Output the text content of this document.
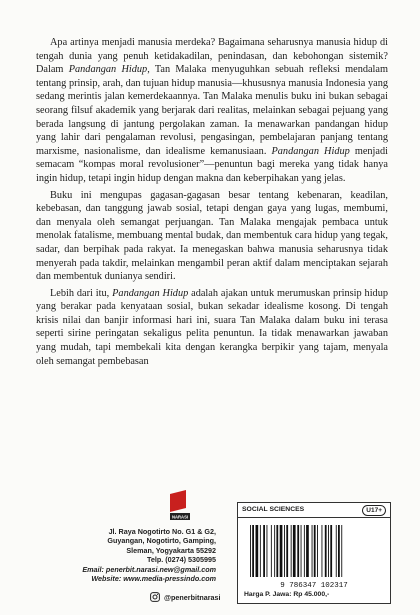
Apa artinya menjadi manusia merdeka? Bagaimana seharusnya manusia hidup di tengah dunia yang penuh ketidakadilan, penindasan, dan kebohongan sistemik? Dalam Pandangan Hidup, Tan Malaka menyuguhkan sebuah refleksi mendalam tentang prinsip, arah, dan tujuan hidup manusia—khususnya manusia Indonesia yang sedang merintis jalan kemerdekaannya. Tan Malaka menulis buku ini bukan sebagai seorang filsuf akademik yang berjarak dari realitas, melainkan sebagai pejuang yang berada langsung di jantung pergolakan zaman. Ia menawarkan pandangan hidup yang lahir dari pengalaman revolusi, pengasingan, pembelajaran panjang tentang marxisme, nasionalisme, dan idealisme kemanusiaan. Pandangan Hidup menjadi semacam “kompas moral revolusioner”—penuntun bagi mereka yang tidak hanya ingin hidup, tetapi ingin hidup dengan makna dan keberpihakan yang jelas.

Buku ini mengupas gagasan-gagasan besar tentang kebenaran, keadilan, kebebasan, dan tanggung jawab sosial, tetapi dengan gaya yang lugas, membumi, dan menyala oleh semangat perjuangan. Tan Malaka mengajak pembaca untuk menolak fatalisme, membuang mental budak, dan membentuk cara hidup yang tegak, sadar, dan berpihak pada rakyat. Ia menegaskan bahwa manusia seharusnya tidak menyerah pada takdir, melainkan mengambil peran aktif dalam menciptakan sejarah dan membentuk dunianya sendiri.

Lebih dari itu, Pandangan Hidup adalah ajakan untuk merumuskan prinsip hidup yang berakar pada kenyataan sosial, bukan sekadar idealisme kosong. Di tengah krisis nilai dan banjir informasi hari ini, suara Tan Malaka dalam buku ini terasa seperti sirine peringatan sekaligus pelita penuntun. Ia tidak menawarkan jawaban yang mudah, tapi membekali kita dengan kerangka berpikir yang tajam, menyala oleh semangat pembebasan

NARASI
Jl. Raya Nogotirto No. G1 & G2,
Guyangan, Nogotirto, Gamping,
Sleman, Yogyakarta 55292
Telp. (0274) 5305995
Email: penerbit.narasi.new@gmail.com
Website: www.media-pressindo.com
@penerbitnarasi
SOCIAL SCIENCES	U17+
9 786347 102317
Harga P. Jawa: Rp 45.000,-
